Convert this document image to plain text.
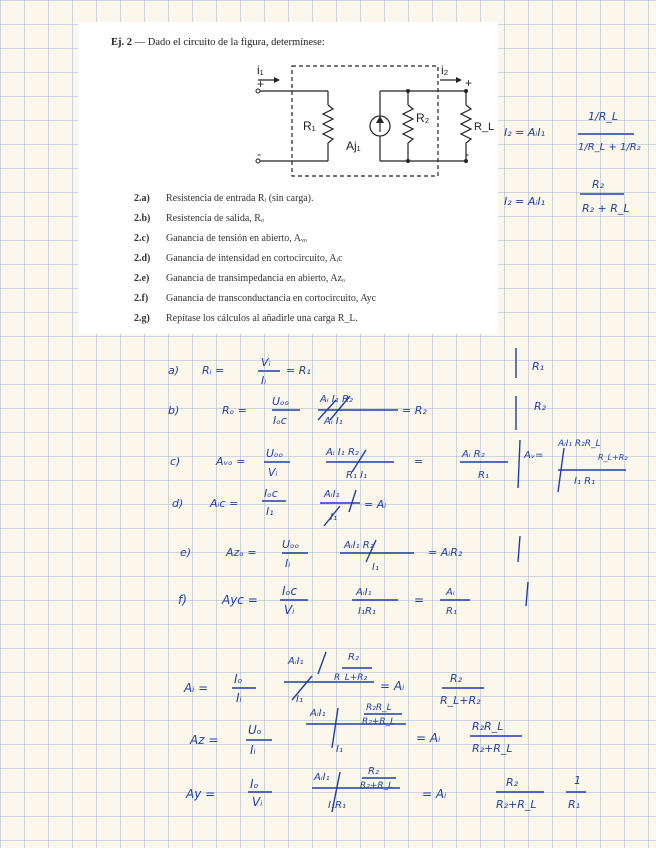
Ej. 2 — Dado el circuito de la figura, determínese:
i₁	i₂
+
-
+
-
R₁
R₂
R_L
Aj₁
2.a) Resistencia de entrada Rᵢ (sin carga).
2.b) Resistencia de salida, Rₒ
2.c) Ganancia de tensión en abierto, Aᵥₒ
2.d) Ganancia de intensidad en cortocircuito, Aᵢc
2.e) Ganancia de transimpedancia en abierto, Azₒ
2.f) Ganancia de transconductancia en cortocircuito, Ayc
2.g) Repítase los cálculos al añadirle una carga R_L.
I₂ = AᵢI₁
1/R_L
1/R_L + 1/R₂
I₂ = AᵢI₁
R₂
R₂ + R_L
a) Rᵢ =
Vᵢ
Iᵢ
= R₁	R₁
b)	Rₒ =
Uₒₒ
Iₒc
Aᵢ I₁ R₂
Aᵢ I₁
= R₂	R₂
c)	Aᵥₒ =
Uₒₒ
Vᵢ
Aᵢ I₁ R₂
R₁ I₁
=
Aᵢ R₂
R₁
Aᵥ=
AᵢI₁ R₂R_L
R_L+R₂
I₁ R₁
d) Aᵢc =
Iₒc
I₁
AᵢI₁
I₁
= Aᵢ
e)	Azₒ =
Uₒₒ
Iᵢ
AᵢI₁ R₂
I₁
= AᵢR₂
f)	Ayc =
Iₒc
Vᵢ
AᵢI₁
I₁R₁
=
Aᵢ
R₁
Aᵢ =
Iₒ
Iᵢ
AᵢI₁	R₂
R_L+R₂
I₁
= Aᵢ
R₂
R_L+R₂
Az =
Uₒ
Iᵢ
AᵢI₁	R₂R_L
R₂+R_L
I₁
= Aᵢ
R₂R_L
R₂+R_L
Ay =
Iₒ
Vᵢ
AᵢI₁
R₂
R₂+R_L
I₁R₁
= Aᵢ
R₂
R₂+R_L
1
R₁
